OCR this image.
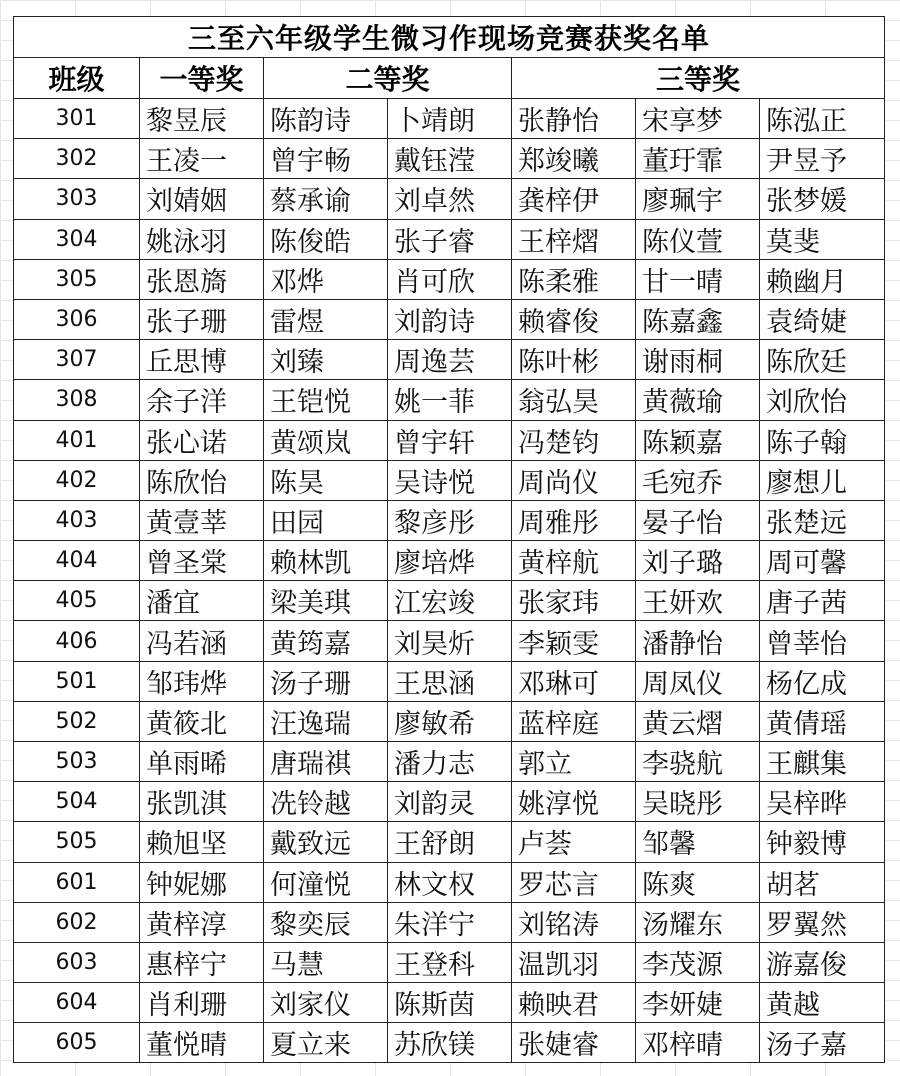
三至六年级学生微习作现场竞赛获奖名单						
班级	一等奖	二等奖		三等奖		
301	黎昱辰	陈韵诗	卜靖朗	张静怡	宋享梦	陈泓正
302	王凌一	曾宇畅	戴钰滢	郑竣曦	董玗霏	尹昱予
303	刘婧姻	蔡承谕	刘卓然	龚梓伊	廖珮宇	张梦媛
304	姚泳羽	陈俊皓	张子睿	王梓熠	陈仪萱	莫斐
305	张恩旖	邓烨	肖可欣	陈柔雅	甘一晴	赖幽月
306	张子珊	雷煜	刘韵诗	赖睿俊	陈嘉鑫	袁绮婕
307	丘思博	刘臻	周逸芸	陈叶彬	谢雨桐	陈欣廷
308	余子洋	王铠悦	姚一菲	翁弘昊	黄薇瑜	刘欣怡
401	张心诺	黄颂岚	曾宇轩	冯楚钧	陈颖嘉	陈子翰
402	陈欣怡	陈昊	吴诗悦	周尚仪	毛宛乔	廖想儿
403	黄壹莘	田园	黎彦彤	周雅彤	晏子怡	张楚远
404	曾圣棠	赖林凯	廖培烨	黄梓航	刘子璐	周可馨
405	潘宜	梁美琪	江宏竣	张家玮	王妍欢	唐子茜
406	冯若涵	黄筠嘉	刘昊炘	李颖雯	潘静怡	曾莘怡
501	邹玮烨	汤子珊	王思涵	邓琳可	周凤仪	杨亿成
502	黄筱北	汪逸瑞	廖敏希	蓝梓庭	黄云熠	黄倩瑶
503	单雨晞	唐瑞祺	潘力志	郭立	李骁航	王麒集
504	张凯淇	冼铃越	刘韵灵	姚淳悦	吴晓彤	吴梓晔
505	赖旭坚	戴致远	王舒朗	卢荟	邹馨	钟毅博
601	钟妮娜	何潼悦	林文权	罗芯言	陈爽	胡茗
602	黄梓淳	黎奕辰	朱洋宁	刘铭涛	汤耀东	罗翼然
603	惠梓宁	马慧	王登科	温凯羽	李茂源	游嘉俊
604	肖利珊	刘家仪	陈斯茵	赖映君	李妍婕	黄越
605	董悦晴	夏立来	苏欣镁	张婕睿	邓梓晴	汤子嘉
